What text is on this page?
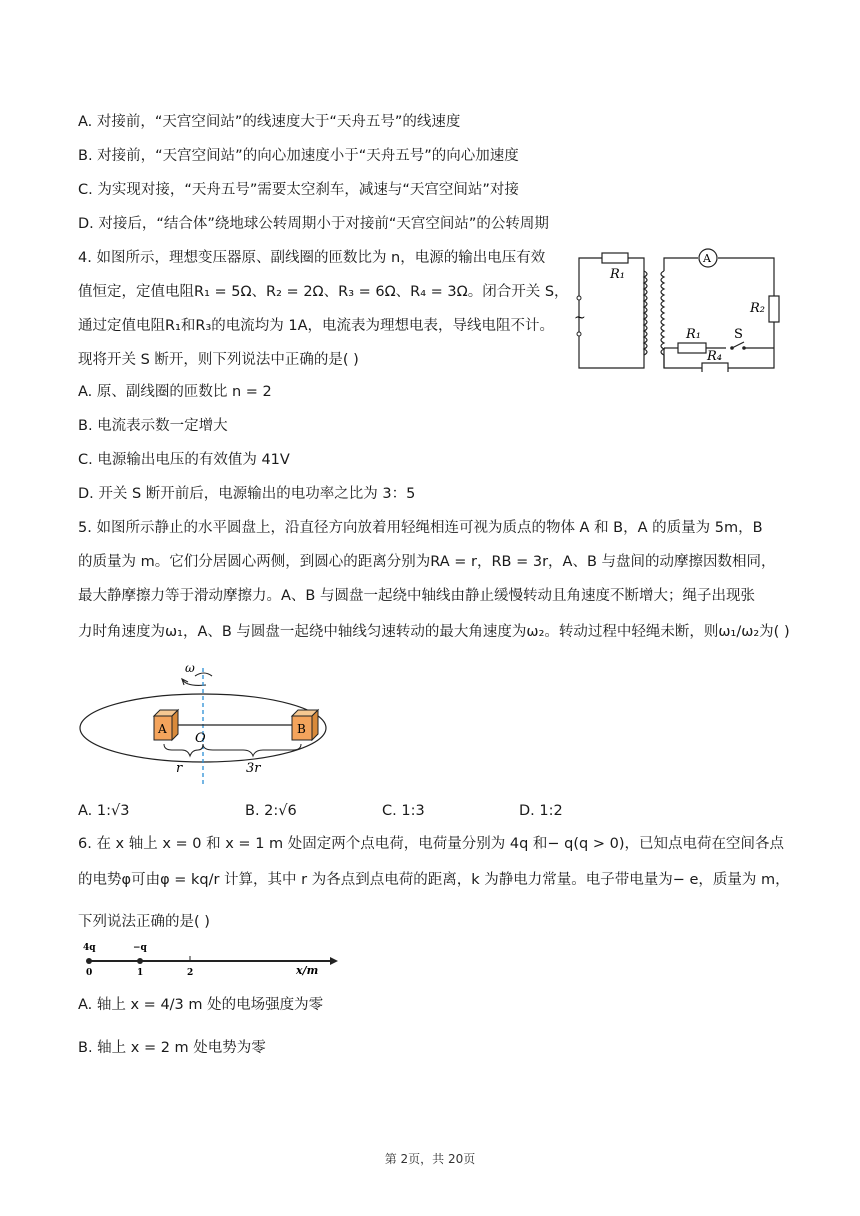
A. 对接前，“天宫空间站”的线速度大于“天舟五号”的线速度
B. 对接前，“天宫空间站”的向心加速度小于“天舟五号”的向心加速度
C. 为实现对接，“天舟五号”需要太空刹车，减速与“天宫空间站”对接
D. 对接后，“结合体”绕地球公转周期小于对接前“天宫空间站”的公转周期
4. 如图所示，理想变压器原、副线圈的匝数比为 n，电源的输出电压有效
值恒定，定值电阻R₁ = 5Ω、R₂ = 2Ω、R₃ = 6Ω、R₄ = 3Ω。闭合开关 S，
通过定值电阻R₁和R₃的电流均为 1A，电流表为理想电表，导线电阻不计。
现将开关 S 断开，则下列说法中正确的是( )
~
R₁
A
R₂
R₁
R₄
S
A. 原、副线圈的匝数比 n = 2
B. 电流表示数一定增大
C. 电源输出电压的有效值为 41V
D. 开关 S 断开前后，电源输出的电功率之比为 3：5
5. 如图所示静止的水平圆盘上，沿直径方向放着用轻绳相连可视为质点的物体 A 和 B，A 的质量为 5m，B
的质量为 m。它们分居圆心两侧，到圆心的距离分别为RA = r，RB = 3r，A、B 与盘间的动摩擦因数相同，
最大静摩擦力等于滑动摩擦力。A、B 与圆盘一起绕中轴线由静止缓慢转动且角速度不断增大；绳子出现张
力时角速度为ω₁，A、B 与圆盘一起绕中轴线匀速转动的最大角速度为ω₂。转动过程中轻绳未断，则ω₁/ω₂为( )
A	B
O
r	3r
ω
A. 1:√3	B. 2:√6	C. 1:3	D. 1:2
6. 在 x 轴上 x = 0 和 x = 1 m 处固定两个点电荷，电荷量分别为 4q 和− q(q > 0)，已知点电荷在空间各点
的电势φ可由φ = kq/r 计算，其中 r 为各点到点电荷的距离，k 为静电力常量。电子带电量为− e，质量为 m，
下列说法正确的是( )
4q	−q
0	1	2	x/m
A. 轴上 x = 4/3 m 处的电场强度为零
B. 轴上 x = 2 m 处电势为零
第 2页，共 20页
